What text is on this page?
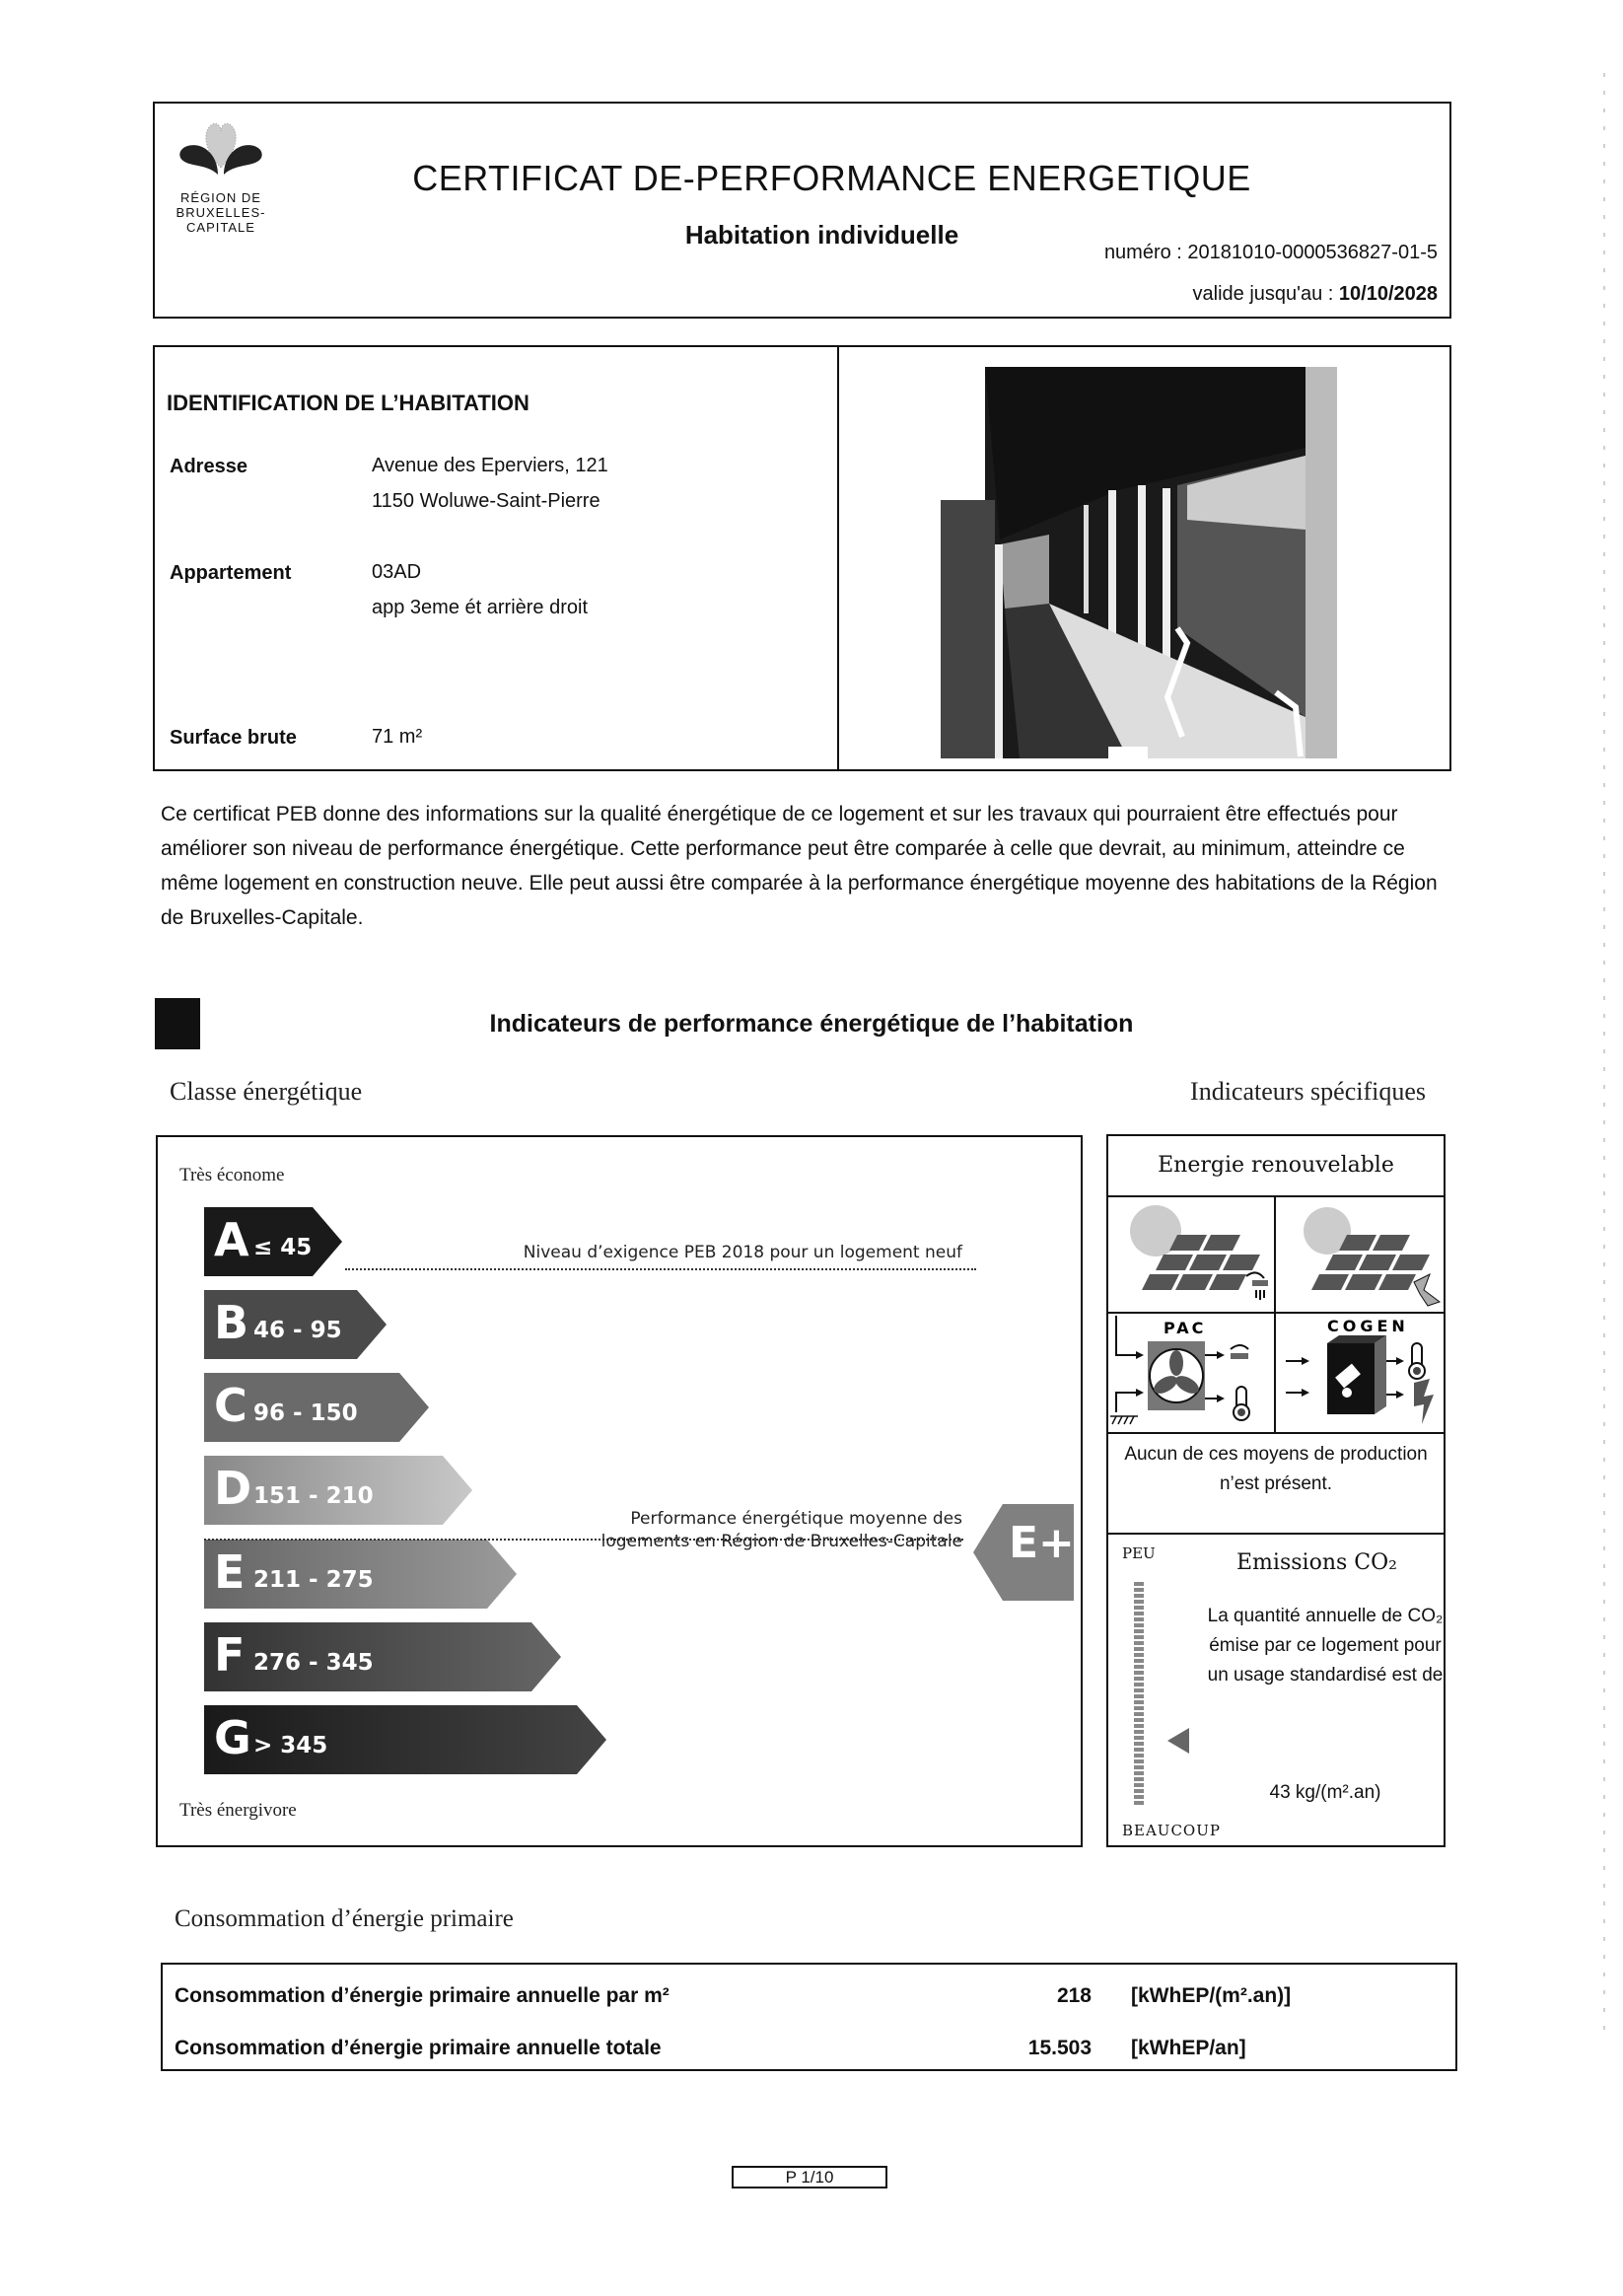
RÉGION DE
BRUXELLES-
CAPITALE
CERTIFICAT DE-PERFORMANCE ENERGETIQUE
Habitation individuelle
numéro : 20181010-0000536827-01-5
valide jusqu'au : 10/10/2028
IDENTIFICATION DE L’HABITATION
Adresse	Avenue des Eperviers, 121
1150 Woluwe-Saint-Pierre
Appartement	03AD
app 3eme ét arrière droit
Surface brute	71 m²
Ce certificat PEB donne des informations sur la qualité énergétique de ce logement et sur les travaux qui pourraient être effectués pour améliorer son niveau de performance énergétique. Cette performance peut être comparée à celle que devrait, au minimum, atteindre ce même logement en construction neuve. Elle peut aussi être comparée à la performance énergétique moyenne des habitations de la Région de Bruxelles-Capitale.
Indicateurs de performance énergétique de l’habitation
Classe énergétique	Indicateurs spécifiques
Très économe
A ≤ 45
B 46 - 95
C 96 - 150
D 151 - 210
E 211 - 275
F 276 - 345
G > 345
Niveau d’exigence PEB 2018 pour un logement neuf
Performance énergétique moyenne des
logements en Région de Bruxelles-Capitale E+
Très énergivore
Energie renouvelable
PAC	COGEN
Aucun de ces moyens de production n’est présent.
PEU	Emissions CO₂
La quantité annuelle de CO₂ émise par ce logement pour un usage standardisé est de
43 kg/(m².an)
BEAUCOUP
Consommation d’énergie primaire
Consommation d’énergie primaire annuelle par m²	218 [kWhEP/(m².an)]
Consommation d’énergie primaire annuelle totale	15.503 [kWhEP/an]
P 1/10
